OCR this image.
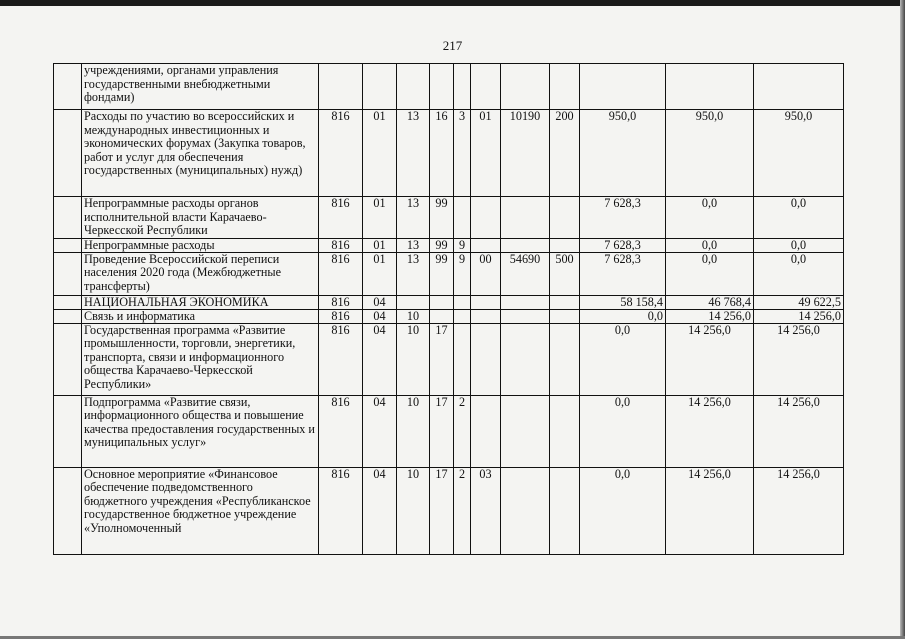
217
	учреждениями, органами управления государственными внебюджетными фондами)											
	Расходы по участию во всероссийских и международных инвестиционных и экономических форумах (Закупка товаров, работ и услуг для обеспечения государственных (муниципальных) нужд)	816	01	13	16	3	01	10190	200	950,0	950,0	950,0
	Непрограммные расходы органов исполнительной власти Карачаево-Черкесской Республики	816	01	13	99					7 628,3	0,0	0,0
	Непрограммные расходы	816	01	13	99	9				7 628,3	0,0	0,0
	Проведение Всероссийской переписи населения 2020 года (Межбюджетные трансферты)	816	01	13	99	9	00	54690	500	7 628,3	0,0	0,0
	НАЦИОНАЛЬНАЯ ЭКОНОМИКА	816	04							58 158,4	46 768,4	49 622,5
	Связь и информатика	816	04	10						0,0	14 256,0	14 256,0
	Государственная программа «Развитие промышленности, торговли, энергетики, транспорта, связи и информационного общества Карачаево-Черкесской Республики»	816	04	10	17					0,0	14 256,0	14 256,0
	Подпрограмма «Развитие связи, информационного общества и повышение качества предоставления государственных и муниципальных услуг»	816	04	10	17	2				0,0	14 256,0	14 256,0
	Основное мероприятие «Финансовое обеспечение подведомственного бюджетного учреждения «Республиканское государственное бюджетное учреждение «Уполномоченный	816	04	10	17	2	03			0,0	14 256,0	14 256,0
